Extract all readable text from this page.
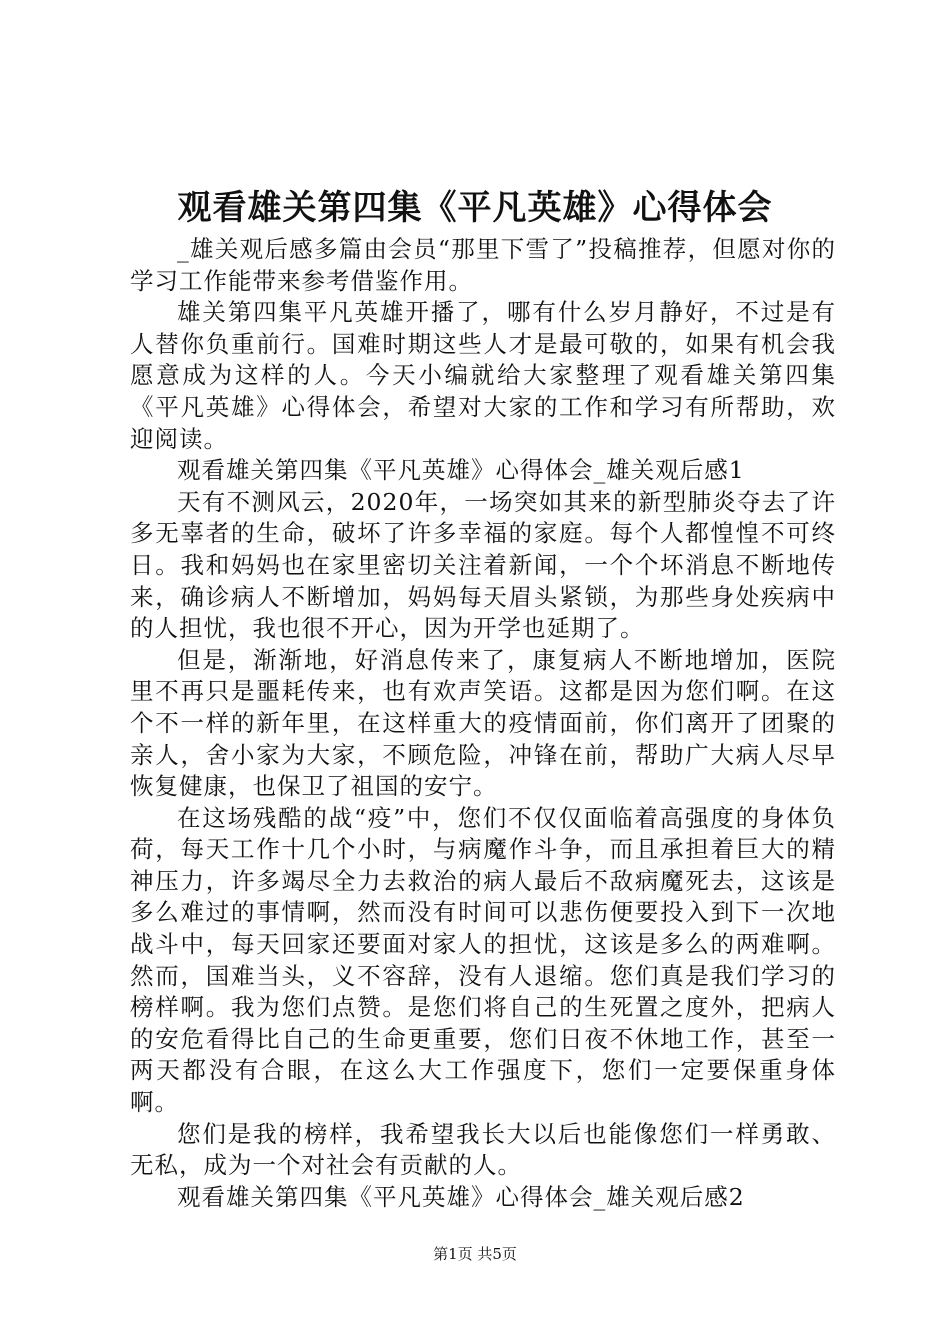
观看雄关第四集《平凡英雄》心得体会

_雄关观后感多篇由会员“那里下雪了”投稿推荐，但愿对你的学习工作能带来参考借鉴作用。

雄关第四集平凡英雄开播了，哪有什么岁月静好，不过是有人替你负重前行。国难时期这些人才是最可敬的，如果有机会我愿意成为这样的人。今天小编就给大家整理了观看雄关第四集《平凡英雄》心得体会，希望对大家的工作和学习有所帮助，欢迎阅读。

观看雄关第四集《平凡英雄》心得体会_雄关观后感1

天有不测风云，2020年，一场突如其来的新型肺炎夺去了许多无辜者的生命，破坏了许多幸福的家庭。每个人都惶惶不可终日。我和妈妈也在家里密切关注着新闻，一个个坏消息不断地传来，确诊病人不断增加，妈妈每天眉头紧锁，为那些身处疾病中的人担忧，我也很不开心，因为开学也延期了。

但是，渐渐地，好消息传来了，康复病人不断地增加，医院里不再只是噩耗传来，也有欢声笑语。这都是因为您们啊。在这个不一样的新年里，在这样重大的疫情面前，你们离开了团聚的亲人，舍小家为大家，不顾危险，冲锋在前，帮助广大病人尽早恢复健康，也保卫了祖国的安宁。

在这场残酷的战“疫”中，您们不仅仅面临着高强度的身体负荷，每天工作十几个小时，与病魔作斗争，而且承担着巨大的精神压力，许多竭尽全力去救治的病人最后不敌病魔死去，这该是多么难过的事情啊，然而没有时间可以悲伤便要投入到下一次地战斗中，每天回家还要面对家人的担忧，这该是多么的两难啊。然而，国难当头，义不容辞，没有人退缩。您们真是我们学习的榜样啊。我为您们点赞。是您们将自己的生死置之度外，把病人的安危看得比自己的生命更重要，您们日夜不休地工作，甚至一两天都没有合眼，在这么大工作强度下，您们一定要保重身体啊。

您们是我的榜样，我希望我长大以后也能像您们一样勇敢、无私，成为一个对社会有贡献的人。

观看雄关第四集《平凡英雄》心得体会_雄关观后感2

第1页 共5页
